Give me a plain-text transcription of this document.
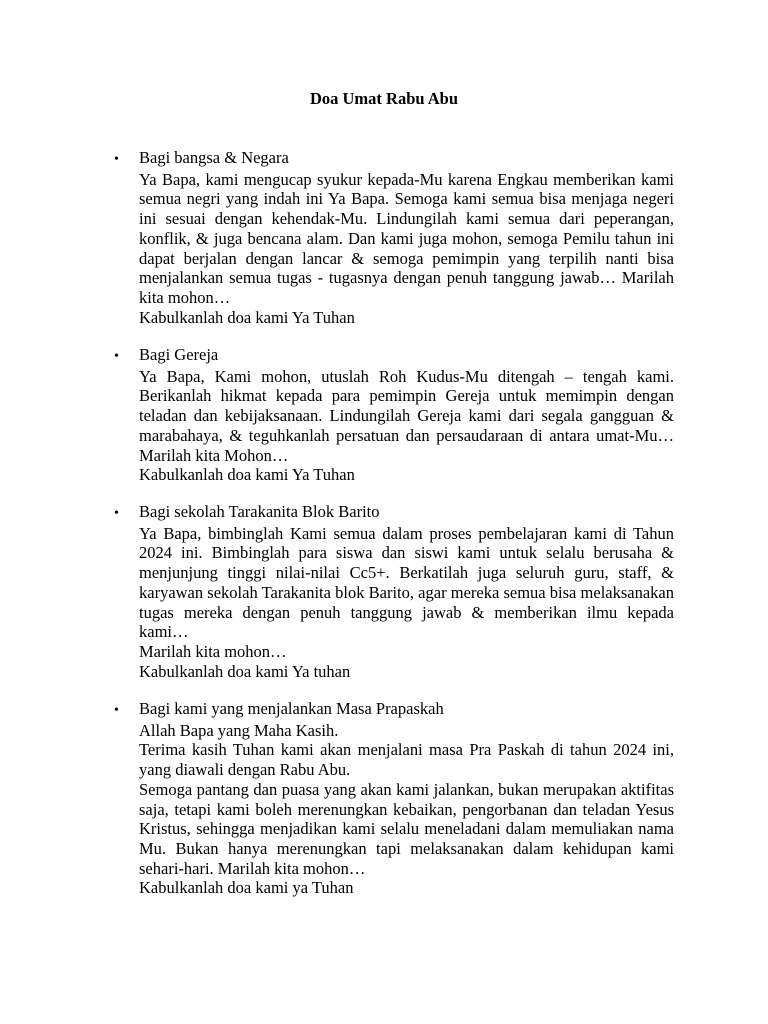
Doa Umat Rabu Abu
•	Bagi bangsa & Negara

Ya Bapa, kami mengucap syukur kepada-Mu karena Engkau memberikan kami semua negri yang indah ini Ya Bapa. Semoga kami semua bisa menjaga negeri ini sesuai dengan kehendak-Mu. Lindungilah kami semua dari peperangan, konflik, & juga bencana alam. Dan kami juga mohon, semoga Pemilu tahun ini dapat berjalan dengan lancar & semoga pemimpin yang terpilih nanti bisa menjalankan semua tugas - tugasnya dengan penuh tanggung jawab… Marilah kita mohon…

Kabulkanlah doa kami Ya Tuhan
•	Bagi Gereja

Ya Bapa, Kami mohon, utuslah Roh Kudus-Mu ditengah – tengah kami. Berikanlah hikmat kepada para pemimpin Gereja untuk memimpin dengan teladan dan kebijaksanaan. Lindungilah Gereja kami dari segala gangguan & marabahaya, & teguhkanlah persatuan dan persaudaraan di antara umat-Mu…Marilah kita Mohon…

Kabulkanlah doa kami Ya Tuhan
•	Bagi sekolah Tarakanita Blok Barito

Ya Bapa, bimbinglah Kami semua dalam proses pembelajaran kami di Tahun 2024 ini. Bimbinglah para siswa dan siswi kami untuk selalu berusaha & menjunjung tinggi nilai-nilai Cc5+. Berkatilah juga seluruh guru, staff, & karyawan sekolah Tarakanita blok Barito, agar mereka semua bisa melaksanakan tugas mereka dengan penuh tanggung jawab & memberikan ilmu kepada kami…

Marilah kita mohon…

Kabulkanlah doa kami Ya tuhan
•	Bagi kami yang menjalankan Masa Prapaskah

Allah Bapa yang Maha Kasih.

Terima kasih Tuhan kami akan menjalani masa Pra Paskah di tahun 2024 ini, yang diawali dengan Rabu Abu.

Semoga pantang dan puasa yang akan kami jalankan, bukan merupakan aktifitas saja, tetapi kami boleh merenungkan kebaikan, pengorbanan dan teladan Yesus Kristus, sehingga menjadikan kami selalu meneladani dalam memuliakan nama Mu. Bukan hanya merenungkan tapi melaksanakan dalam kehidupan kami sehari-hari. Marilah kita mohon…

Kabulkanlah doa kami ya Tuhan
